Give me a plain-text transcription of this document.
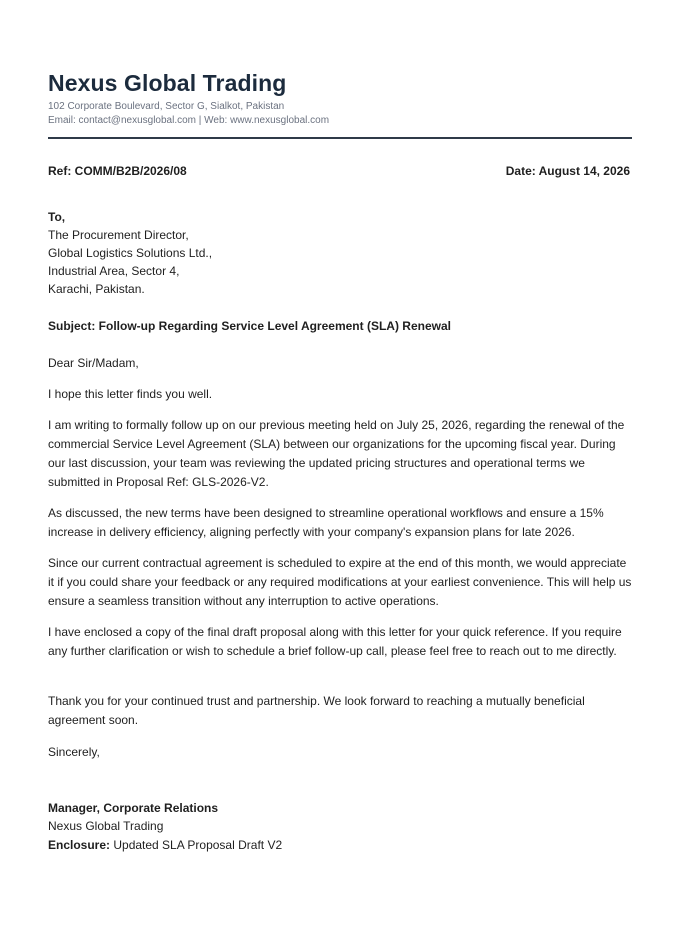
Nexus Global Trading
102 Corporate Boulevard, Sector G, Sialkot, Pakistan
Email: contact@nexusglobal.com | Web: www.nexusglobal.com
Ref: COMM/B2B/2026/08	Date: August 14, 2026
To,
The Procurement Director,
Global Logistics Solutions Ltd.,
Industrial Area, Sector 4,
Karachi, Pakistan.
Subject: Follow-up Regarding Service Level Agreement (SLA) Renewal
Dear Sir/Madam,
I hope this letter finds you well.
I am writing to formally follow up on our previous meeting held on July 25, 2026, regarding the renewal of the commercial Service Level Agreement (SLA) between our organizations for the upcoming fiscal year. During our last discussion, your team was reviewing the updated pricing structures and operational terms we submitted in Proposal Ref: GLS-2026-V2.
As discussed, the new terms have been designed to streamline operational workflows and ensure a 15% increase in delivery efficiency, aligning perfectly with your company's expansion plans for late 2026.
Since our current contractual agreement is scheduled to expire at the end of this month, we would appreciate it if you could share your feedback or any required modifications at your earliest convenience. This will help us ensure a seamless transition without any interruption to active operations.
I have enclosed a copy of the final draft proposal along with this letter for your quick reference. If you require any further clarification or wish to schedule a brief follow-up call, please feel free to reach out to me directly.
Thank you for your continued trust and partnership. We look forward to reaching a mutually beneficial agreement soon.
Sincerely,
Manager, Corporate Relations
Nexus Global Trading
Enclosure: Updated SLA Proposal Draft V2
